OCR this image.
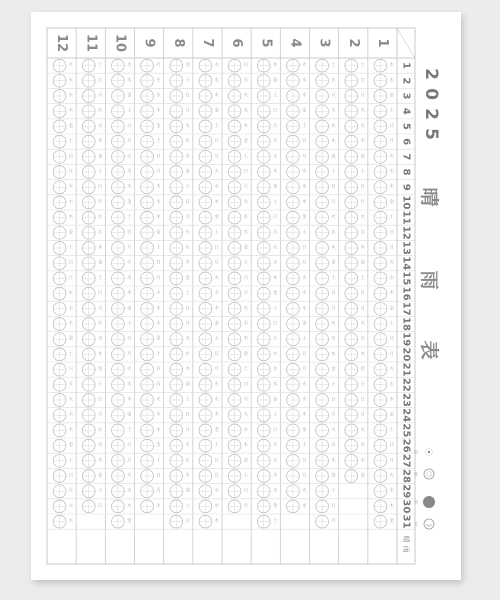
1
水
木
金
土
日
月
火
水
木
金
土
日
月
火
水
木
金
土
日
月
火
水
木
金
土
日
月
火
水
木
金
2
土
日
月
火
水
木
金
土
日
月
火
水
木
金
土
日
月
火
水
木
金
土
日
月
火
水
木
金
3
土
日
月
火
水
木
金
土
日
月
火
水
木
金
土
日
月
火
水
木
金
土
日
月
火
水
木
金
土
日
月
4
火
水
木
金
土
日
月
火
水
木
金
土
日
月
火
水
木
金
土
日
月
火
水
木
金
土
日
月
火
水
5
木
金
土
日
月
火
水
木
金
土
日
月
火
水
木
金
土
日
月
火
水
木
金
土
日
月
火
水
木
金
土
6
日
月
火
水
木
金
土
日
月
火
水
木
金
土
日
月
火
水
木
金
土
日
月
火
水
木
金
土
日
月
7
火
水
木
金
土
日
月
火
水
木
金
土
日
月
火
水
木
金
土
日
月
火
水
木
金
土
日
月
火
水
木
8
金
土
日
月
火
水
木
金
土
日
月
火
水
木
金
土
日
月
火
水
木
金
土
日
月
火
水
木
金
土
日
9
月
火
水
木
金
土
日
月
火
水
木
金
土
日
月
火
水
木
金
土
日
月
火
水
木
金
土
日
月
火
10
水
木
金
土
日
月
火
水
木
金
土
日
月
火
水
木
金
土
日
月
火
水
木
金
土
日
月
火
水
木
金
11
土
日
月
火
水
木
金
土
日
月
火
水
木
金
土
日
月
火
水
木
金
土
日
月
火
水
木
金
土
日
12
月
火
水
木
金
土
日
月
火
水
木
金
土
日
月
火
水
木
金
土
日
月
火
水
木
金
土
日
月
火
水
1
2
3
4
5
6
7
8
9
10
11
12
13
14
15
16
17
18
19
20
21
22
23
24
25
26
27
28
29
30
31
晴
雨
2
0
2
5
晴
雨
表
晴
曇
雨
雪
